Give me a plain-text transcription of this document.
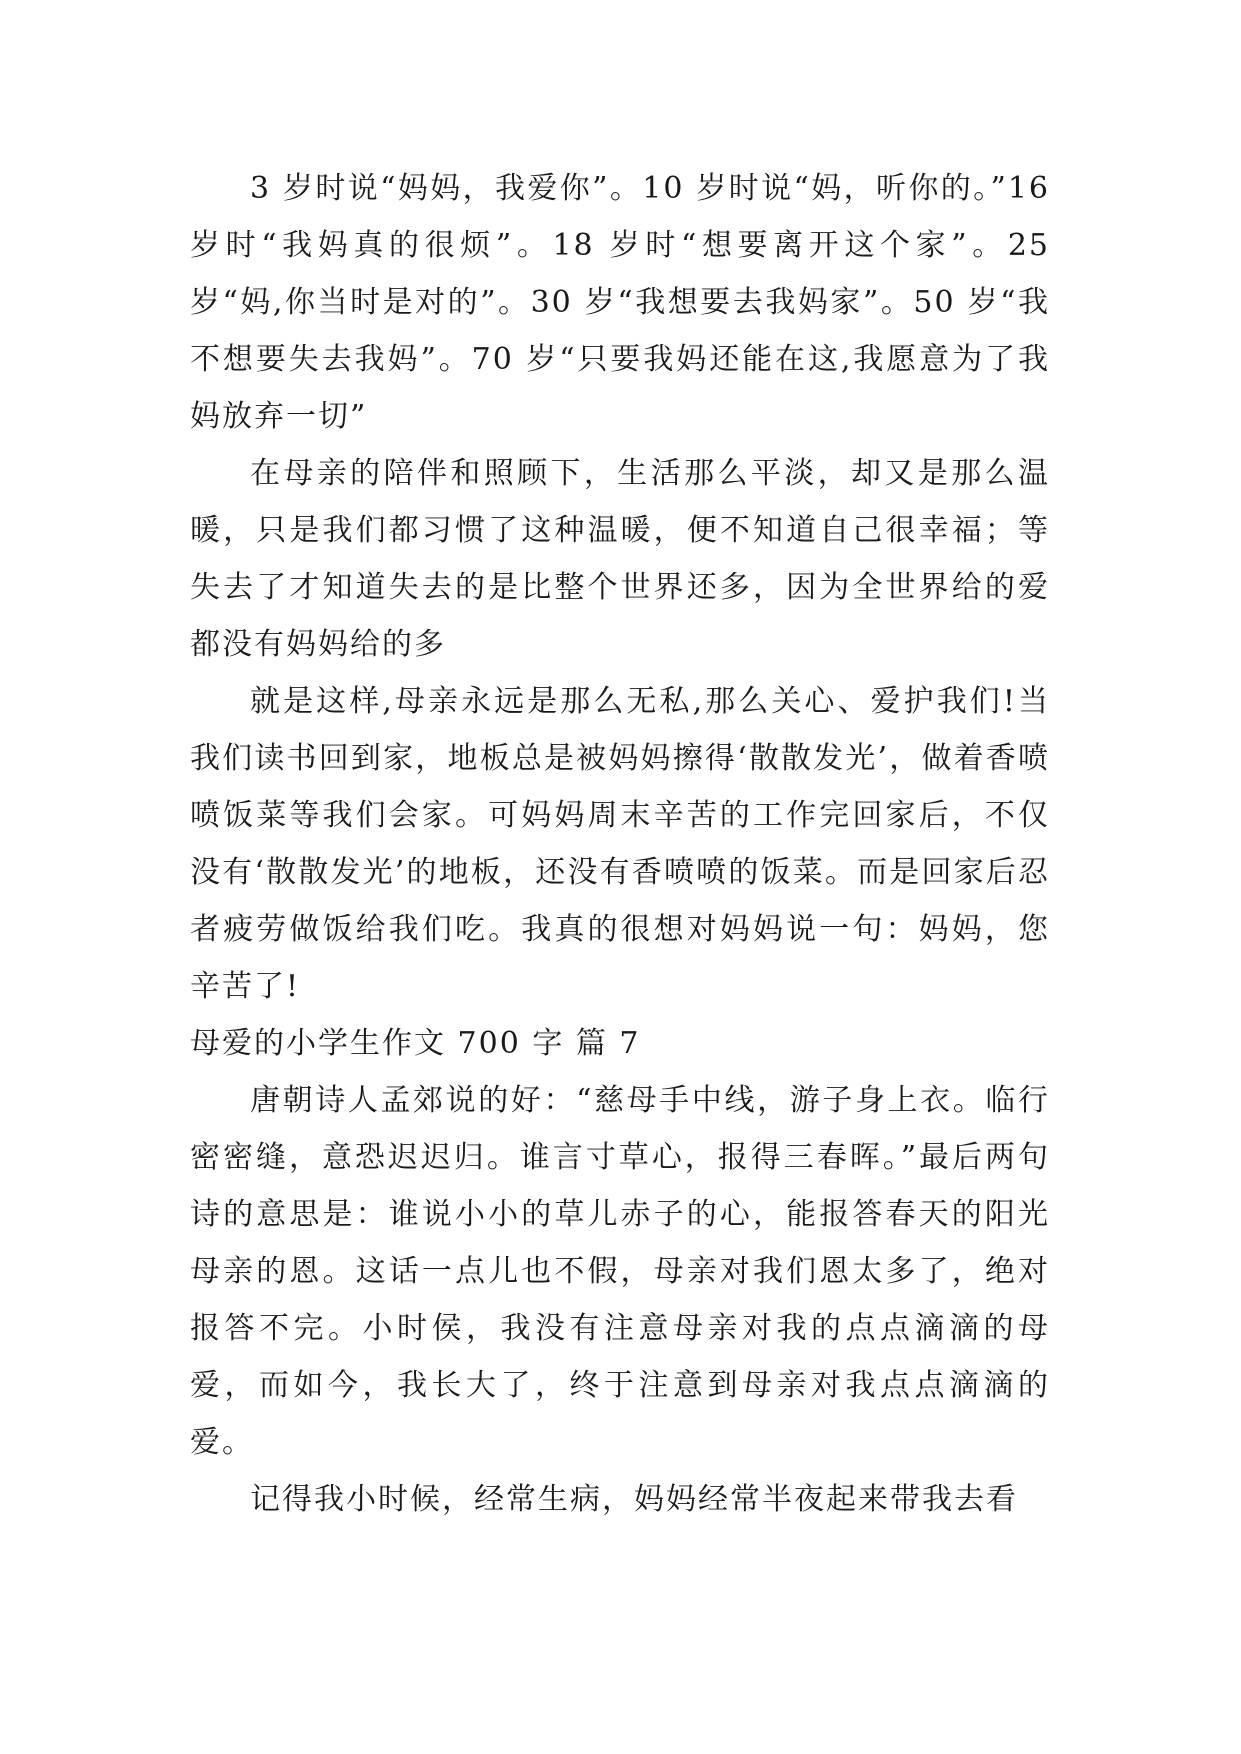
3 岁时说“妈妈，我爱你”。10 岁时说“妈，听你的。”16 岁时“我妈真的很烦”。18 岁时“想要离开这个家”。25 岁“妈,你当时是对的”。30 岁“我想要去我妈家”。50 岁“我不想要失去我妈”。70 岁“只要我妈还能在这,我愿意为了我妈放弃一切”

在母亲的陪伴和照顾下，生活那么平淡，却又是那么温暖，只是我们都习惯了这种温暖，便不知道自己很幸福；等失去了才知道失去的是比整个世界还多，因为全世界给的爱都没有妈妈给的多

就是这样,母亲永远是那么无私,那么关心、爱护我们!当我们读书回到家，地板总是被妈妈擦得‘散散发光’，做着香喷喷饭菜等我们会家。可妈妈周末辛苦的工作完回家后，不仅没有‘散散发光’的地板，还没有香喷喷的饭菜。而是回家后忍者疲劳做饭给我们吃。我真的很想对妈妈说一句：妈妈，您辛苦了!

母爱的小学生作文 700 字 篇 7

唐朝诗人孟郊说的好：“慈母手中线，游子身上衣。临行密密缝，意恐迟迟归。谁言寸草心，报得三春晖。”最后两句诗的意思是：谁说小小的草儿赤子的心，能报答春天的阳光母亲的恩。这话一点儿也不假，母亲对我们恩太多了，绝对报答不完。小时侯，我没有注意母亲对我的点点滴滴的母爱，而如今，我长大了，终于注意到母亲对我点点滴滴的爱。

记得我小时候，经常生病，妈妈经常半夜起来带我去看
